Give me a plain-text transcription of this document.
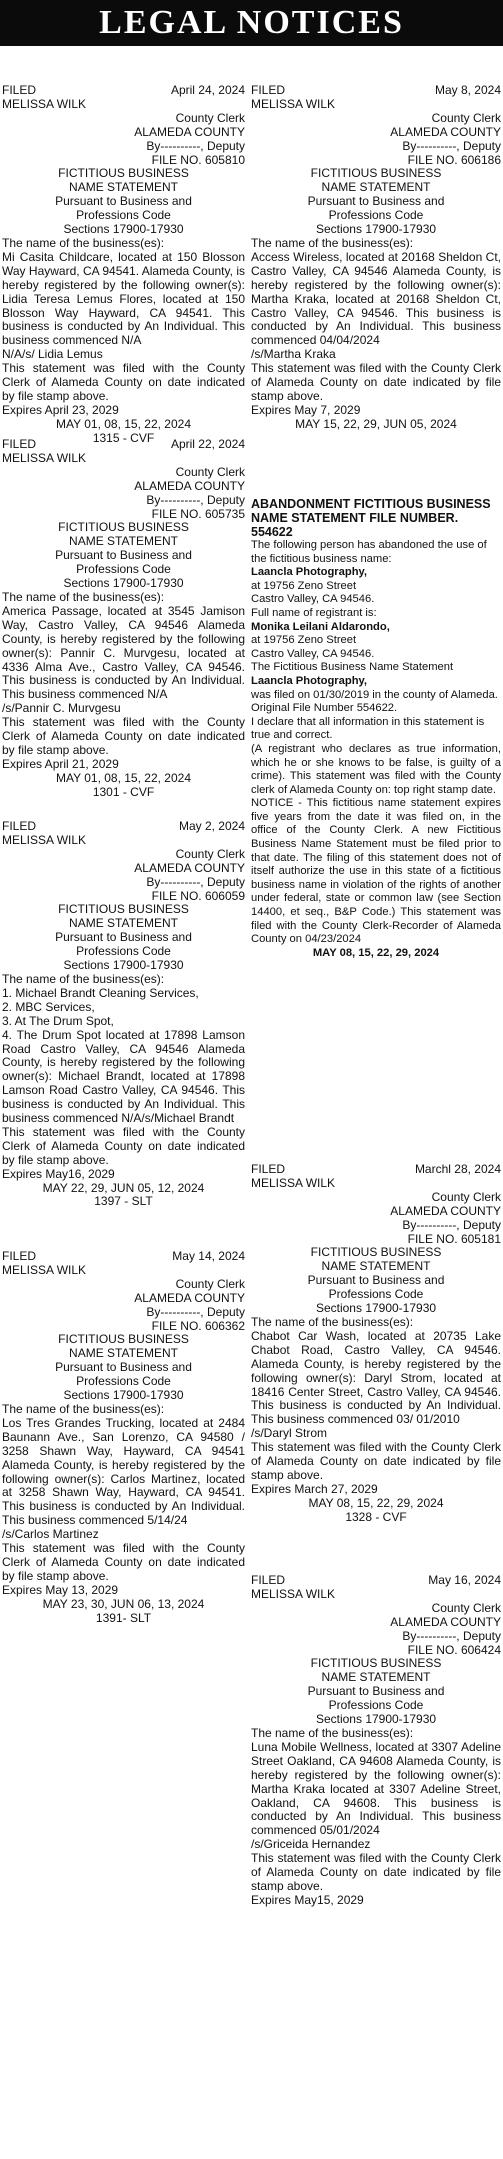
LEGAL NOTICES
FILED	April 24, 2024
MELISSA WILK
County Clerk
ALAMEDA COUNTY
By----------, Deputy
FILE NO. 605810
FICTITIOUS BUSINESS
NAME STATEMENT
Pursuant to Business and
Professions Code
Sections 17900-17930
The name of the business(es):
Mi Casita Childcare, located at 150 Blosson Way Hayward, CA 94541. Alameda County, is hereby registered by the following owner(s): Lidia Teresa Lemus Flores, located at 150 Blosson Way Hayward, CA 94541. This business is conducted by An Individual. This business commenced N/A
N/A/s/ Lidia Lemus
This statement was filed with the County Clerk of Alameda County on date indicated by file stamp above.
Expires April 23, 2029
MAY 01, 08, 15, 22, 2024
1315 - CVF
FILED	April 22, 2024
MELISSA WILK
County Clerk
ALAMEDA COUNTY
By----------, Deputy
FILE NO. 605735
FICTITIOUS BUSINESS
NAME STATEMENT
Pursuant to Business and
Professions Code
Sections 17900-17930
The name of the business(es):
America Passage, located at 3545 Jamison Way, Castro Valley, CA 94546 Alameda County, is hereby registered by the following owner(s): Pannir C. Murvgesu, located at 4336 Alma Ave., Castro Valley, CA 94546. This business is conducted by An Individual. This business commenced N/A
/s/Pannir C. Murvgesu
This statement was filed with the County Clerk of Alameda County on date indicated by file stamp above.
Expires April 21, 2029
MAY 01, 08, 15, 22, 2024
1301 - CVF
FILED	May 2, 2024
MELISSA WILK
County Clerk
ALAMEDA COUNTY
By----------, Deputy
FILE NO. 606059
FICTITIOUS BUSINESS
NAME STATEMENT
Pursuant to Business and
Professions Code
Sections 17900-17930
The name of the business(es):
1. Michael Brandt Cleaning Services,
2. MBC Services,
3. At The Drum Spot,
4. The Drum Spot located at 17898 Lamson Road Castro Valley, CA 94546 Alameda County, is hereby registered by the following owner(s): Michael Brandt, located at 17898 Lamson Road Castro Valley, CA 94546. This business is conducted by An Individual. This business commenced N/A/s/Michael Brandt
This statement was filed with the County Clerk of Alameda County on date indicated by file stamp above.
Expires May16, 2029
MAY 22, 29, JUN 05, 12, 2024
1397 - SLT
FILED	May 14, 2024
MELISSA WILK
County Clerk
ALAMEDA COUNTY
By----------, Deputy
FILE NO. 606362
FICTITIOUS BUSINESS
NAME STATEMENT
Pursuant to Business and
Professions Code
Sections 17900-17930
The name of the business(es):
Los Tres Grandes Trucking, located at 2484 Baunann Ave., San Lorenzo, CA 94580 / 3258 Shawn Way, Hayward, CA 94541 Alameda County, is hereby registered by the following owner(s): Carlos Martinez, located at 3258 Shawn Way, Hayward, CA 94541. This business is conducted by An Individual. This business commenced 5/14/24
/s/Carlos Martinez
This statement was filed with the County Clerk of Alameda County on date indicated by file stamp above.
Expires May 13, 2029
MAY 23, 30, JUN 06, 13, 2024
1391- SLT
FILED	May 8, 2024
MELISSA WILK
County Clerk
ALAMEDA COUNTY
By----------, Deputy
FILE NO. 606186
FICTITIOUS BUSINESS
NAME STATEMENT
Pursuant to Business and
Professions Code
Sections 17900-17930
The name of the business(es):
Access Wireless, located at 20168 Sheldon Ct, Castro Valley, CA 94546 Alameda County, is hereby registered by the following owner(s): Martha Kraka, located at 20168 Sheldon Ct, Castro Valley, CA 94546. This business is conducted by An Individual. This business commenced 04/04/2024
/s/Martha Kraka
This statement was filed with the County Clerk of Alameda County on date indicated by file stamp above.
Expires May 7, 2029
MAY 15, 22, 29, JUN 05, 2024
ABANDONMENT FICTITIOUS BUSINESS NAME STATEMENT FILE NUMBER. 554622
The following person has abandoned the use of the fictitious business name:
Laancla Photography,
at 19756 Zeno Street
Castro Valley, CA 94546.
Full name of registrant is:
Monika Leilani Aldarondo,
at 19756 Zeno Street
Castro Valley, CA 94546.
The Fictitious Business Name Statement
Laancla Photography,
was filed on 01/30/2019 in the county of Alameda. Original File Number 554622.
I declare that all information in this statement is true and correct.
(A registrant who declares as true information, which he or she knows to be false, is guilty of a crime). This statement was filed with the County clerk of Alameda County on: top right stamp date.
NOTICE - This fictitious name statement expires five years from the date it was filed on, in the office of the County Clerk. A new Fictitious Business Name Statement must be filed prior to that date. The filing of this statement does not of itself authorize the use in this state of a fictitious business name in violation of the rights of another under federal, state or common law (see Section 14400, et seq., B&P Code.) This statement was filed with the County Clerk-Recorder of Alameda County on 04/23/2024
MAY 08, 15, 22, 29, 2024
FILED	Marchl 28, 2024
MELISSA WILK
County Clerk
ALAMEDA COUNTY
By----------, Deputy
FILE NO. 605181
FICTITIOUS BUSINESS
NAME STATEMENT
Pursuant to Business and
Professions Code
Sections 17900-17930
The name of the business(es):
Chabot Car Wash, located at 20735 Lake Chabot Road, Castro Valley, CA 94546. Alameda County, is hereby registered by the following owner(s): Daryl Strom, located at 18416 Center Street, Castro Valley, CA 94546. This business is conducted by An Individual. This business commenced 03/ 01/2010
/s/Daryl Strom
This statement was filed with the County Clerk of Alameda County on date indicated by file stamp above.
Expires March 27, 2029
MAY 08, 15, 22, 29, 2024
1328 - CVF
FILED	May 16, 2024
MELISSA WILK
County Clerk
ALAMEDA COUNTY
By----------, Deputy
FILE NO. 606424
FICTITIOUS BUSINESS
NAME STATEMENT
Pursuant to Business and
Professions Code
Sections 17900-17930
The name of the business(es):
Luna Mobile Wellness, located at 3307 Adeline Street Oakland, CA 94608 Alameda County, is hereby registered by the following owner(s): Martha Kraka located at 3307 Adeline Street, Oakland, CA 94608. This business is conducted by An Individual. This business commenced 05/01/2024
/s/Griceida Hernandez
This statement was filed with the County Clerk of Alameda County on date indicated by file stamp above.
Expires May15, 2029
